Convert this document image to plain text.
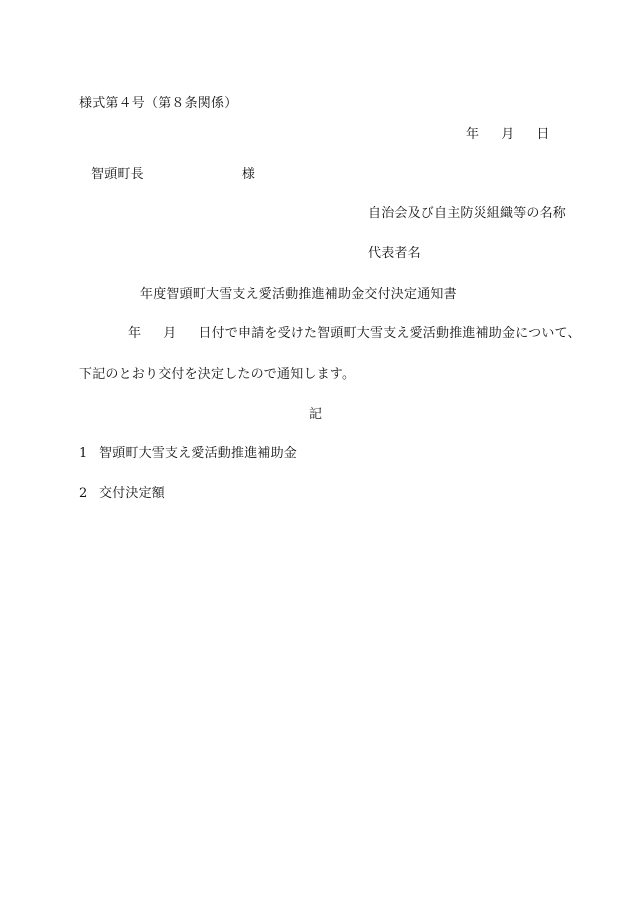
様式第４号（第８条関係）
年 月 日
智頭町長	様
自治会及び自主防災組織等の名称
代表者名
年度智頭町大雪支え愛活動推進補助金交付決定通知書
年 月 日付で申請を受けた智頭町大雪支え愛活動推進補助金について、
下記のとおり交付を決定したので通知します。
記
1 智頭町大雪支え愛活動推進補助金
2 交付決定額
